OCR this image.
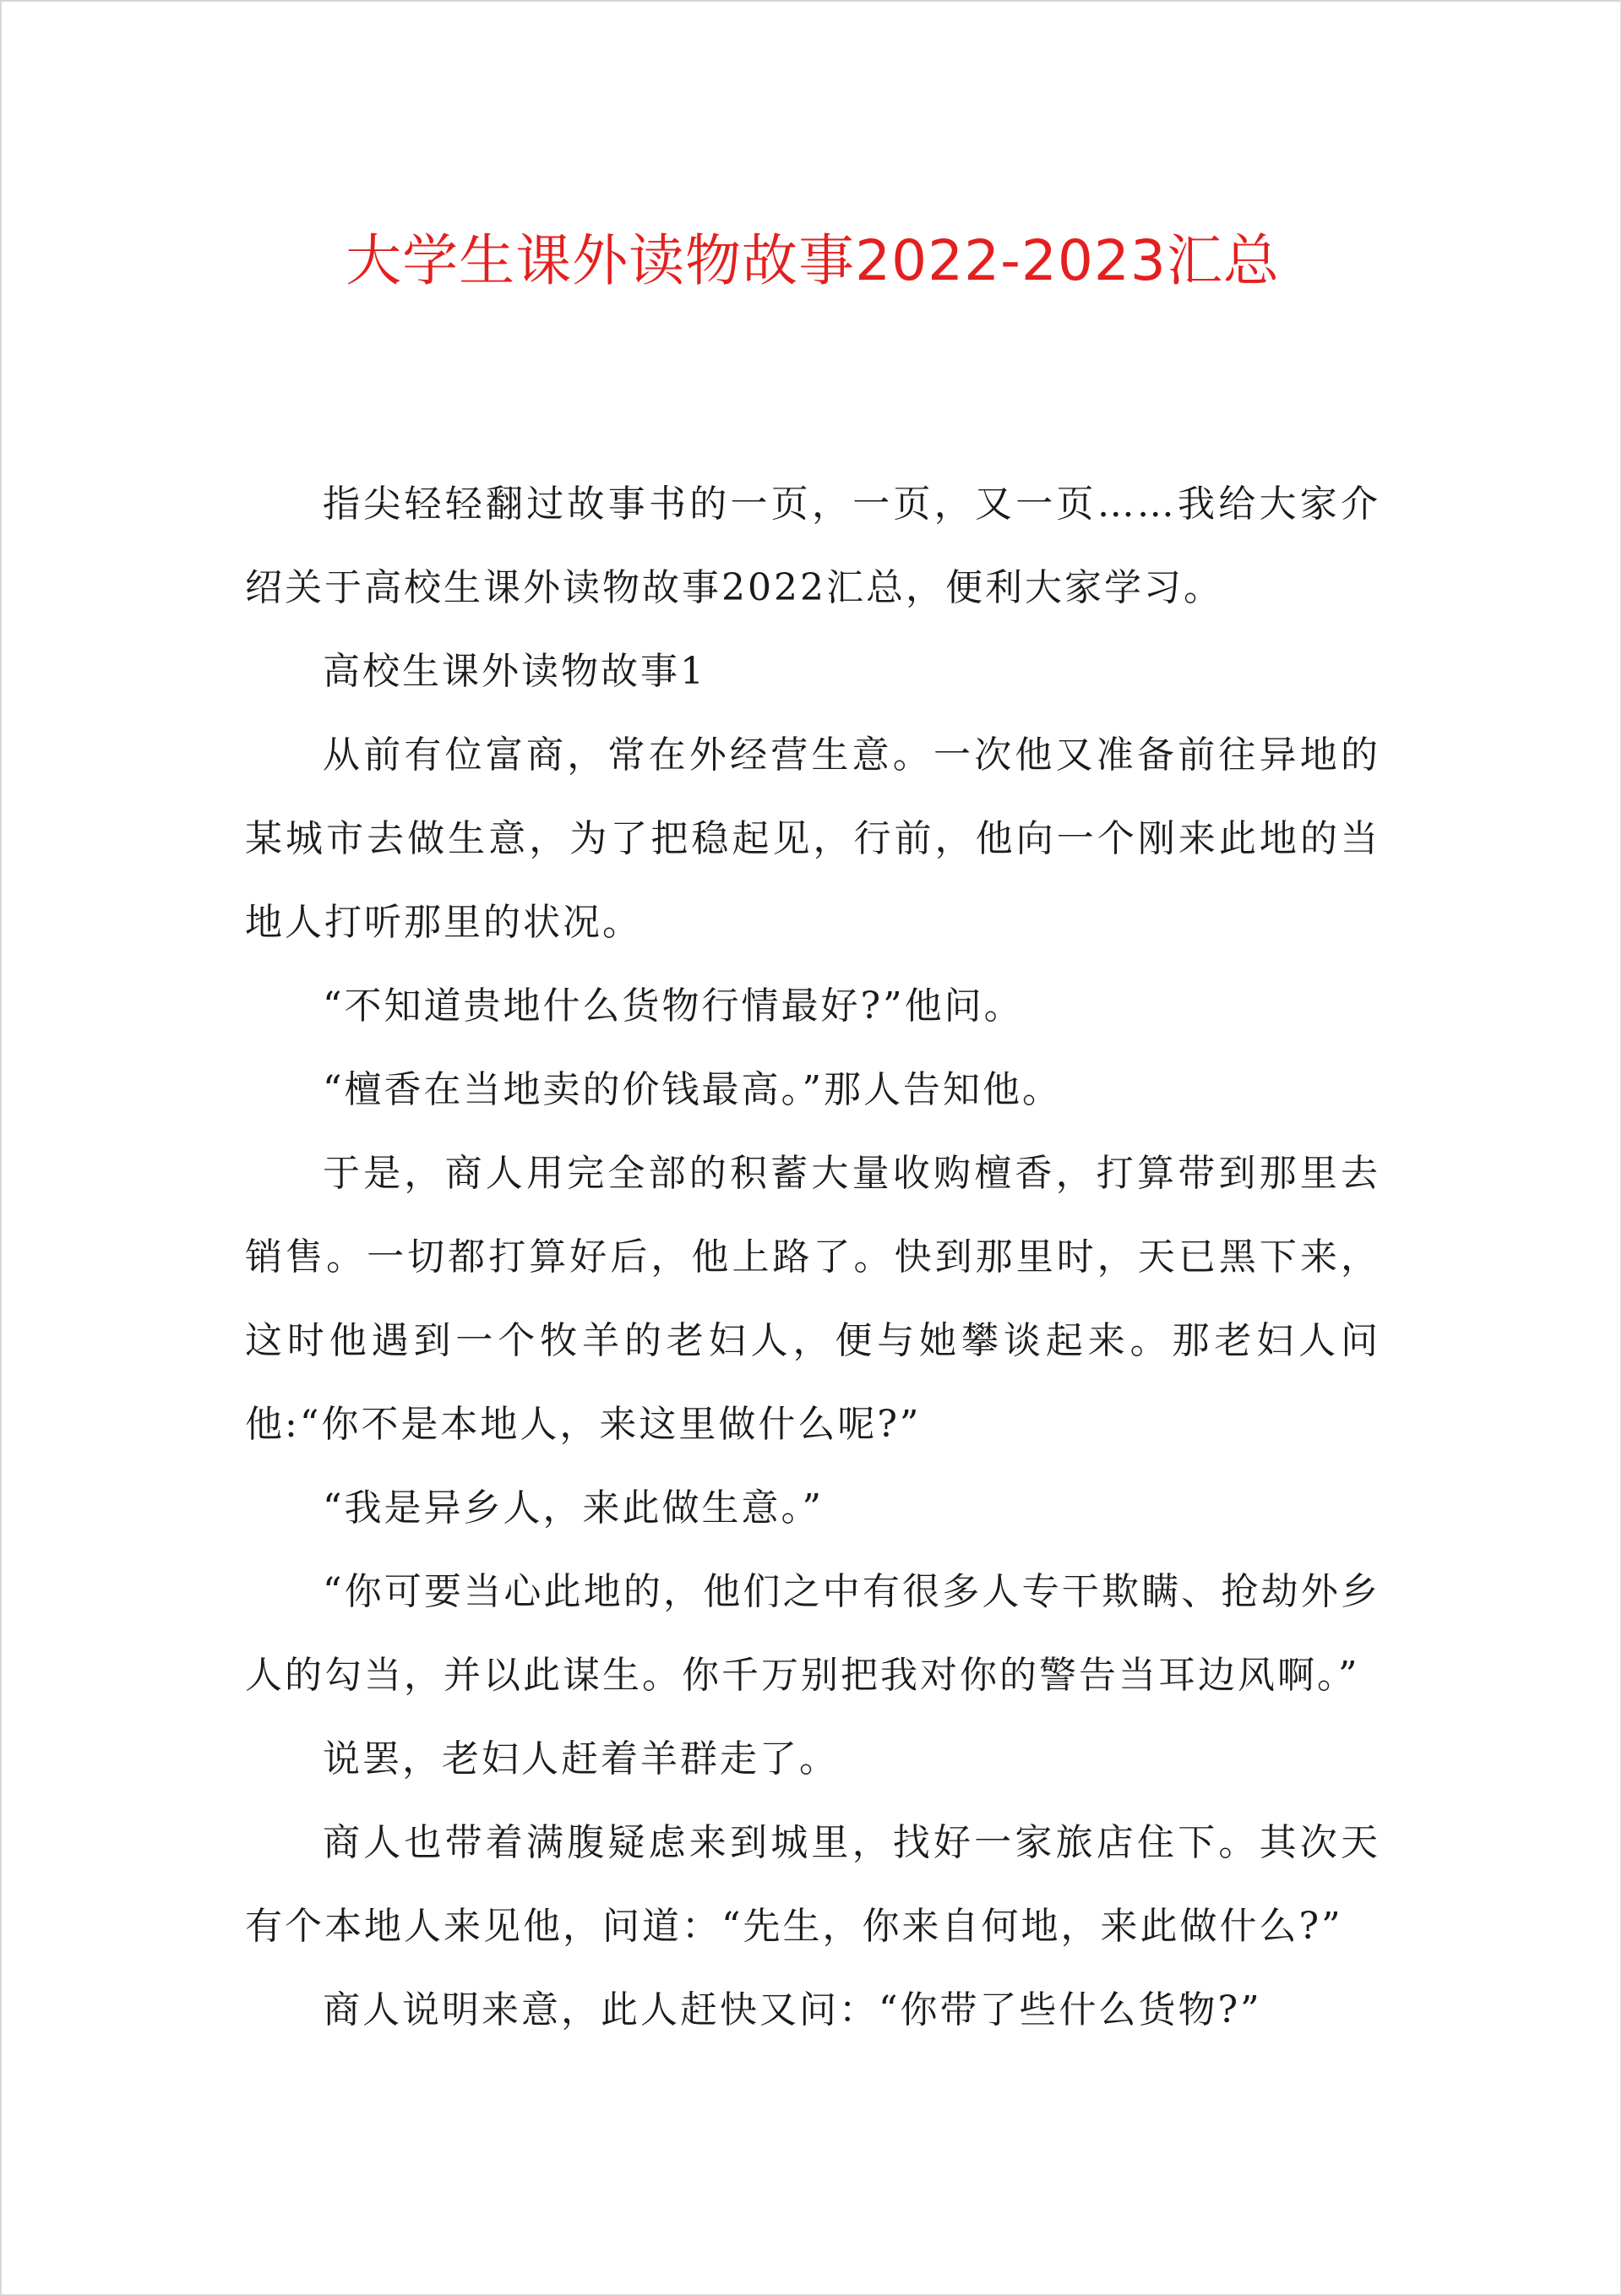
大学生课外读物故事2022-2023汇总

指尖轻轻翻过故事书的一页，一页，又一页……我给大家介绍关于高校生课外读物故事2022汇总，便利大家学习。

高校生课外读物故事1

从前有位富商，常在外经营生意。一次他又准备前往异地的某城市去做生意，为了把稳起见，行前，他向一个刚来此地的当地人打听那里的状况。

“不知道贵地什么货物行情最好?”他问。

“檀香在当地卖的价钱最高。”那人告知他。

于是，商人用完全部的积蓄大量收购檀香，打算带到那里去销售。一切都打算好后，他上路了。快到那里时，天已黑下来，这时他遇到一个牧羊的老妇人，便与她攀谈起来。那老妇人问他:“你不是本地人，来这里做什么呢?”

“我是异乡人，来此做生意。”

“你可要当心此地的，他们之中有很多人专干欺瞒、抢劫外乡人的勾当，并以此谋生。你千万别把我对你的警告当耳边风啊。”

说罢，老妇人赶着羊群走了。

商人也带着满腹疑虑来到城里，找好一家旅店住下。其次天有个本地人来见他，问道：“先生，你来自何地，来此做什么?”

商人说明来意，此人赶快又问：“你带了些什么货物?”
